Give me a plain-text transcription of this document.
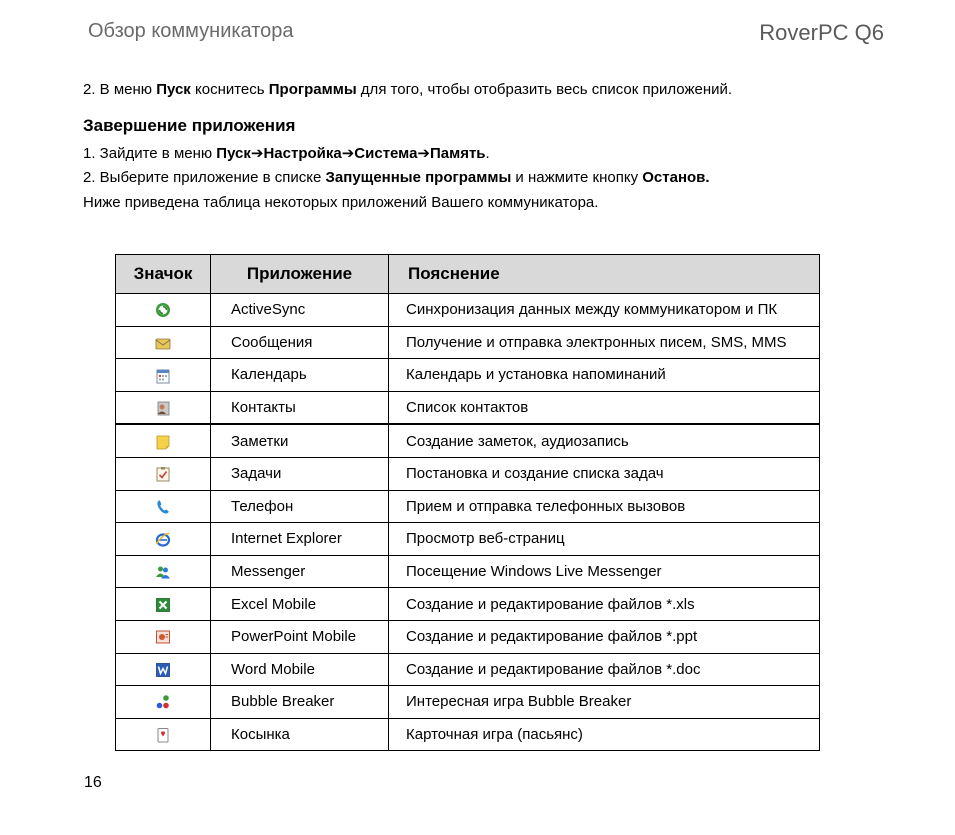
Обзор коммуникатора	RoverPC Q6
2. В меню Пуск коснитесь Программы для того, чтобы отобразить весь список приложений.
Завершение приложения
1. Зайдите в меню Пуск➔Настройка➔Система➔Память.
2. Выберите приложение в списке Запущенные программы и нажмите кнопку Останов.
Ниже приведена таблица некоторых приложений Вашего коммуникатора.
Значок	Приложение	Пояснение
	ActiveSync	Синхронизация данных между коммуникатором и ПК
	Сообщения	Получение и отправка электронных писем, SMS, MMS
	Календарь	Календарь и установка напоминаний
	Контакты	Список контактов
	Заметки	Создание заметок, аудиозапись
	Задачи	Постановка и создание списка задач
	Телефон	Прием и отправка телефонных вызовов
	Internet Explorer	Просмотр веб-страниц
	Messenger	Посещение Windows Live Messenger
	Excel Mobile	Создание и редактирование файлов *.xls
	PowerPoint Mobile	Создание и редактирование файлов *.ppt
	Word Mobile	Создание и редактирование файлов *.doc
	Bubble Breaker	Интересная игра Bubble Breaker
	Косынка	Карточная игра (пасьянс)
16
